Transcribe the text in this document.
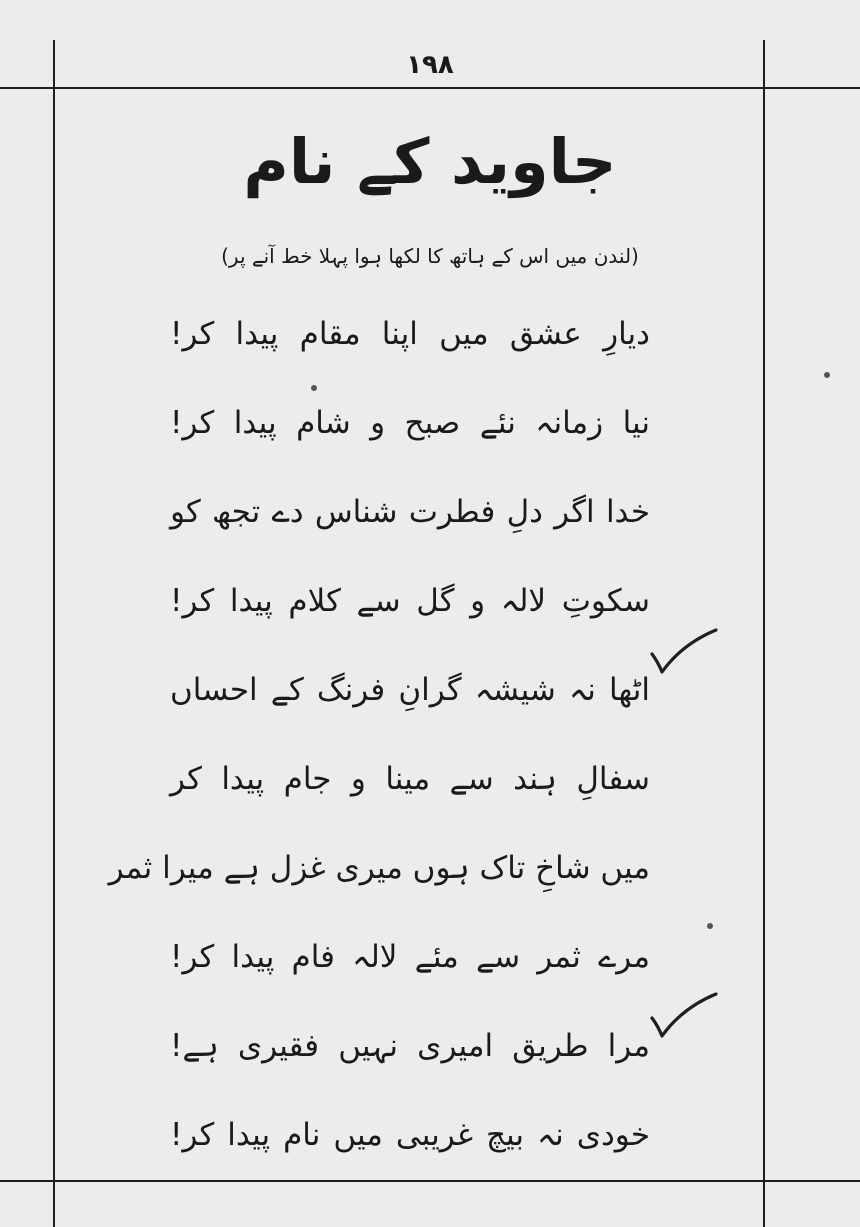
۱۹۸
جاوید کے نام
(لندن میں اس کے ہاتھ کا لکھا ہوا پہلا خط آنے پر)
دیارِ عشق میں اپنا مقام پیدا کر!
نیا زمانہ نئے صبح و شام پیدا کر!
خدا اگر دلِ فطرت شناس دے تجھ کو
سکوتِ لالہ و گل سے کلام پیدا کر!
اٹھا نہ شیشہ گرانِ فرنگ کے احساں
سفالِ ہند سے مینا و جام پیدا کر
میں شاخِ تاک ہوں میری غزل ہے میرا ثمر
مرے ثمر سے مئے لالہ فام پیدا کر!
مرا طریق امیری نہیں فقیری ہے!
خودی نہ بیچ غریبی میں نام پیدا کر!
